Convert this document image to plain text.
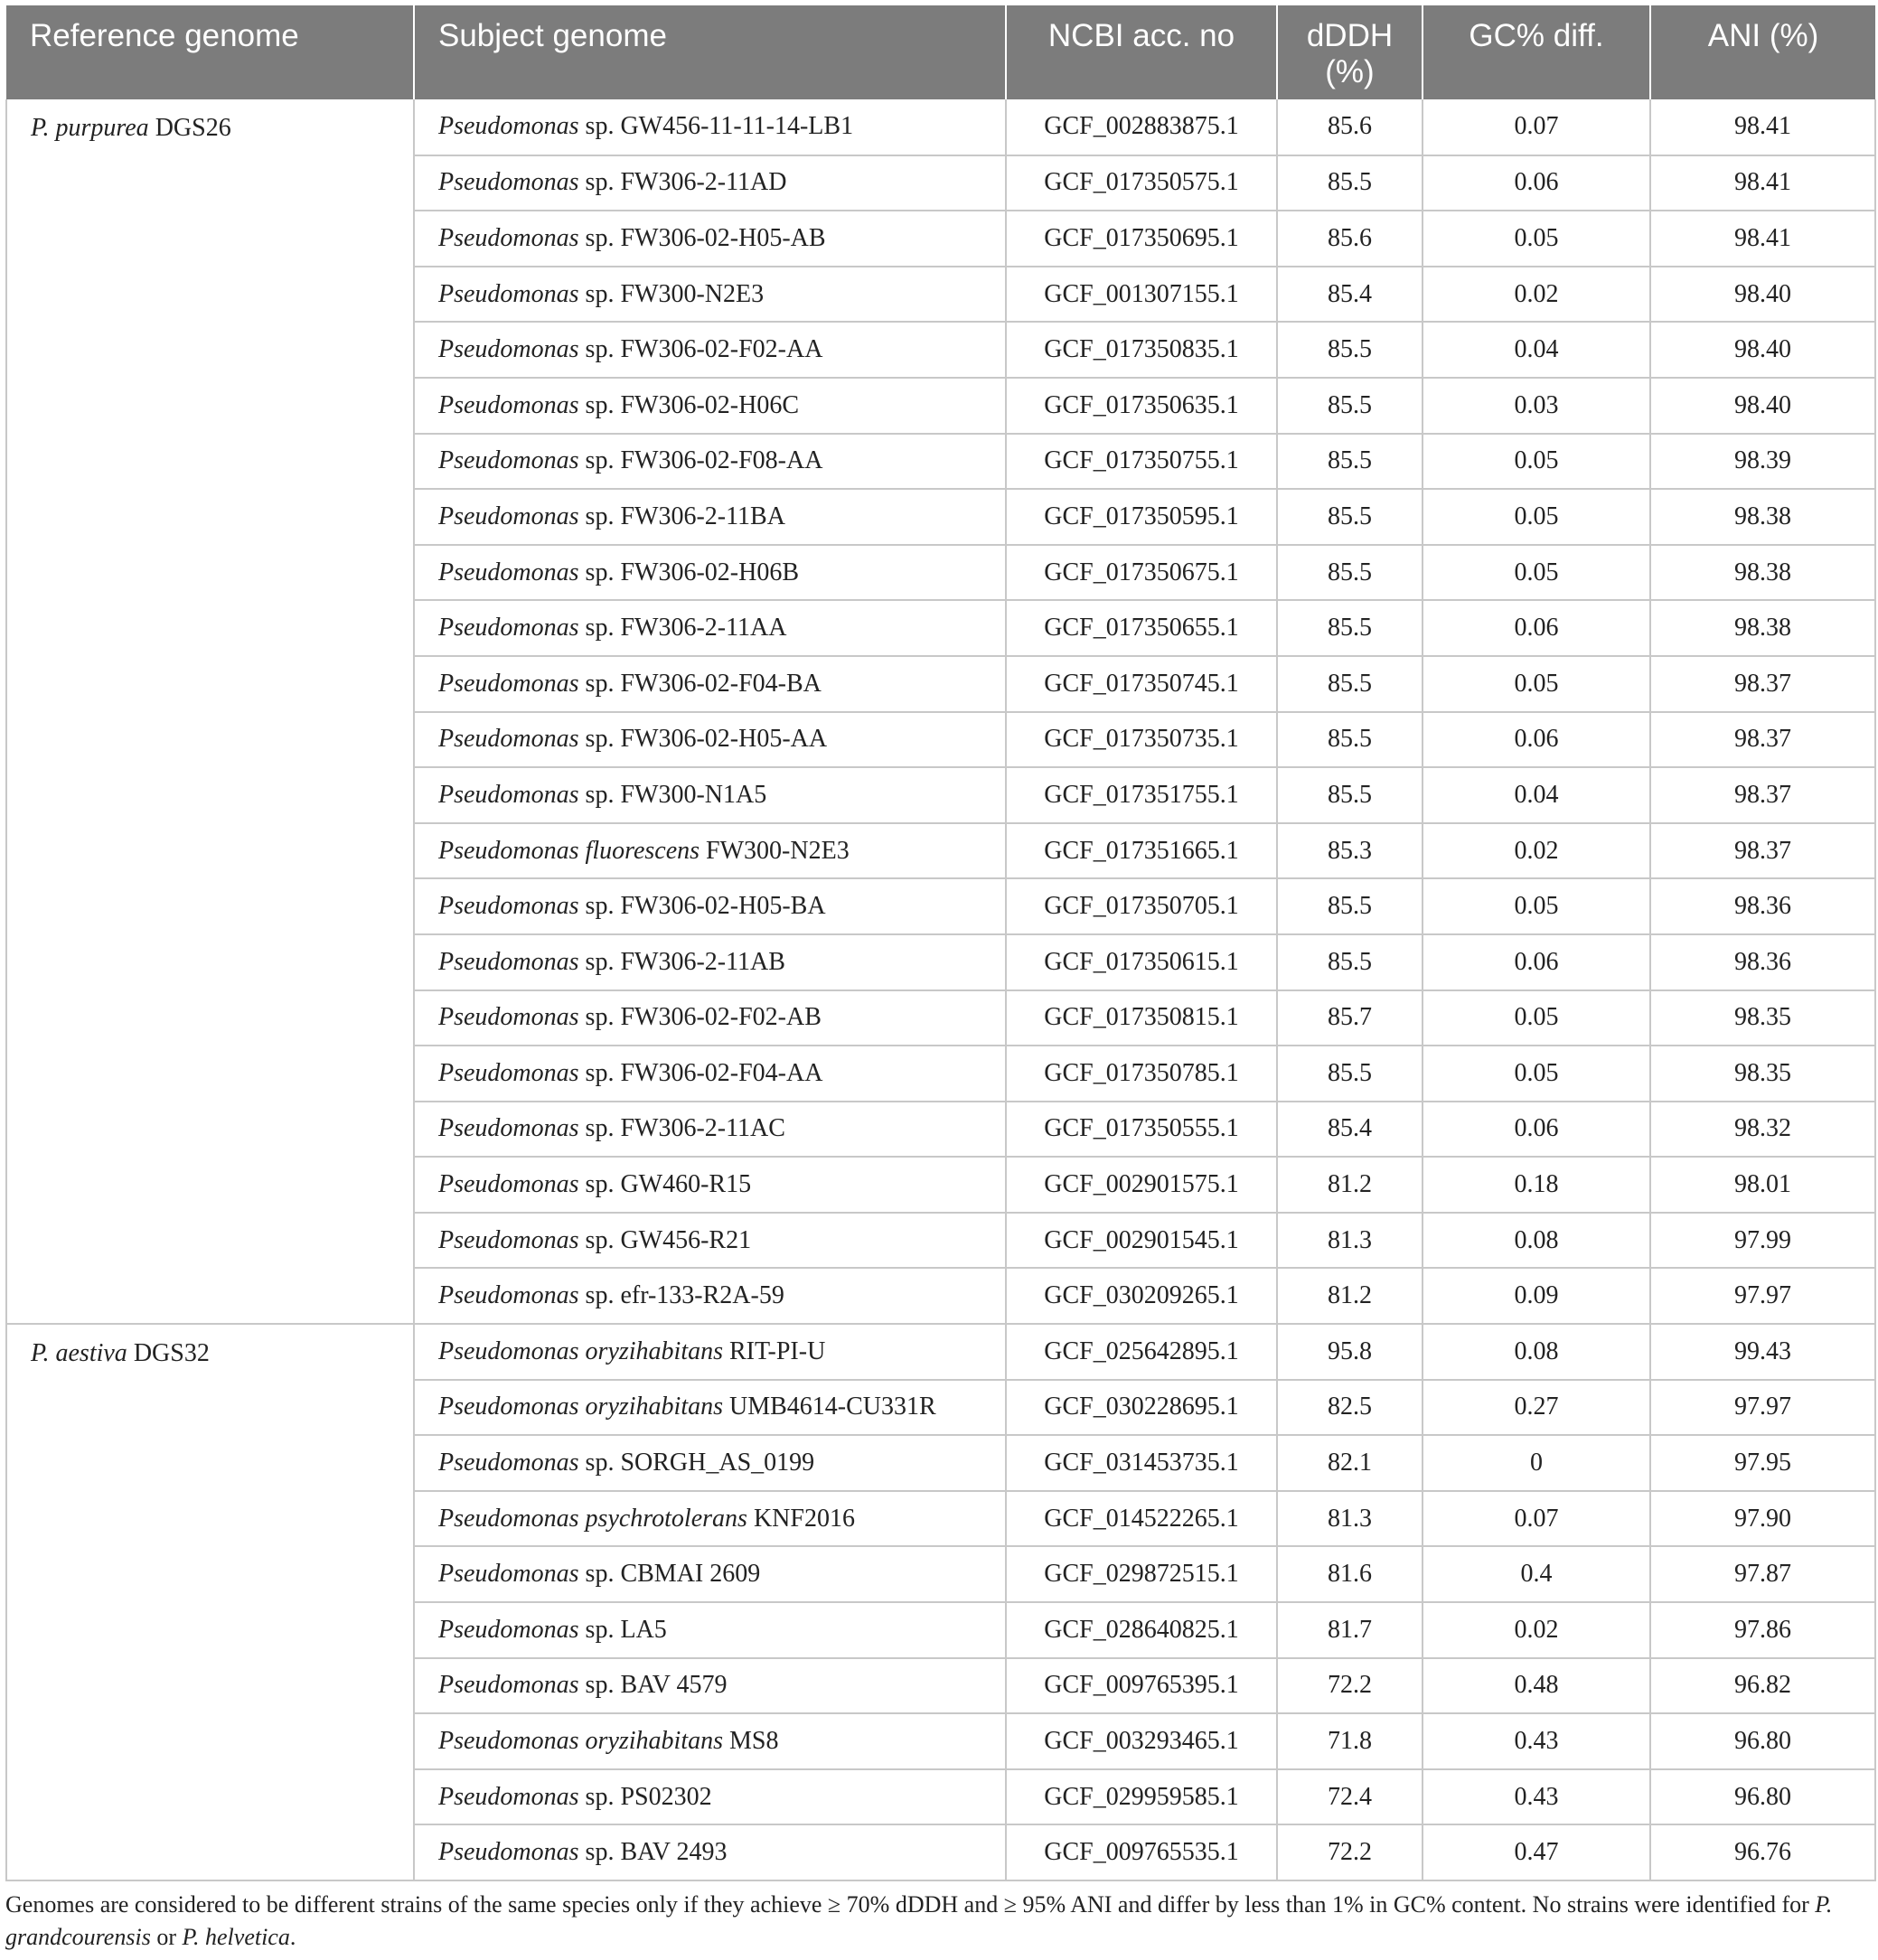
Reference genome	Subject genome	NCBI acc. no	dDDH (%)	GC% diff.	ANI (%)
P. purpurea DGS26	Pseudomonas sp. GW456-11-11-14-LB1	GCF_002883875.1	85.6	0.07	98.41
	Pseudomonas sp. FW306-2-11AD	GCF_017350575.1	85.5	0.06	98.41
	Pseudomonas sp. FW306-02-H05-AB	GCF_017350695.1	85.6	0.05	98.41
	Pseudomonas sp. FW300-N2E3	GCF_001307155.1	85.4	0.02	98.40
	Pseudomonas sp. FW306-02-F02-AA	GCF_017350835.1	85.5	0.04	98.40
	Pseudomonas sp. FW306-02-H06C	GCF_017350635.1	85.5	0.03	98.40
	Pseudomonas sp. FW306-02-F08-AA	GCF_017350755.1	85.5	0.05	98.39
	Pseudomonas sp. FW306-2-11BA	GCF_017350595.1	85.5	0.05	98.38
	Pseudomonas sp. FW306-02-H06B	GCF_017350675.1	85.5	0.05	98.38
	Pseudomonas sp. FW306-2-11AA	GCF_017350655.1	85.5	0.06	98.38
	Pseudomonas sp. FW306-02-F04-BA	GCF_017350745.1	85.5	0.05	98.37
	Pseudomonas sp. FW306-02-H05-AA	GCF_017350735.1	85.5	0.06	98.37
	Pseudomonas sp. FW300-N1A5	GCF_017351755.1	85.5	0.04	98.37
	Pseudomonas fluorescens FW300-N2E3	GCF_017351665.1	85.3	0.02	98.37
	Pseudomonas sp. FW306-02-H05-BA	GCF_017350705.1	85.5	0.05	98.36
	Pseudomonas sp. FW306-2-11AB	GCF_017350615.1	85.5	0.06	98.36
	Pseudomonas sp. FW306-02-F02-AB	GCF_017350815.1	85.7	0.05	98.35
	Pseudomonas sp. FW306-02-F04-AA	GCF_017350785.1	85.5	0.05	98.35
	Pseudomonas sp. FW306-2-11AC	GCF_017350555.1	85.4	0.06	98.32
	Pseudomonas sp. GW460-R15	GCF_002901575.1	81.2	0.18	98.01
	Pseudomonas sp. GW456-R21	GCF_002901545.1	81.3	0.08	97.99
	Pseudomonas sp. efr-133-R2A-59	GCF_030209265.1	81.2	0.09	97.97
P. aestiva DGS32	Pseudomonas oryzihabitans RIT-PI-U	GCF_025642895.1	95.8	0.08	99.43
	Pseudomonas oryzihabitans UMB4614-CU331R	GCF_030228695.1	82.5	0.27	97.97
	Pseudomonas sp. SORGH_AS_0199	GCF_031453735.1	82.1	0	97.95
	Pseudomonas psychrotolerans KNF2016	GCF_014522265.1	81.3	0.07	97.90
	Pseudomonas sp. CBMAI 2609	GCF_029872515.1	81.6	0.4	97.87
	Pseudomonas sp. LA5	GCF_028640825.1	81.7	0.02	97.86
	Pseudomonas sp. BAV 4579	GCF_009765395.1	72.2	0.48	96.82
	Pseudomonas oryzihabitans MS8	GCF_003293465.1	71.8	0.43	96.80
	Pseudomonas sp. PS02302	GCF_029959585.1	72.4	0.43	96.80
	Pseudomonas sp. BAV 2493	GCF_009765535.1	72.2	0.47	96.76
Genomes are considered to be different strains of the same species only if they achieve ≥ 70% dDDH and ≥ 95% ANI and differ by less than 1% in GC% content. No strains were identified for P. grandcourensis or P. helvetica.
